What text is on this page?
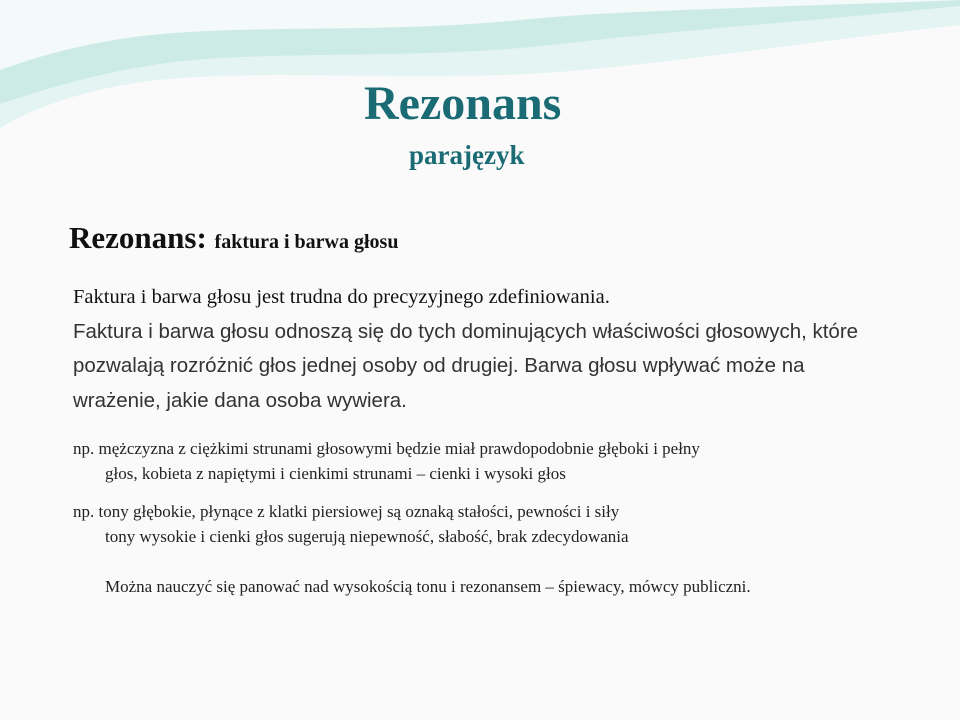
Rezonans
parajęzyk
Rezonans: faktura i barwa głosu

Faktura i barwa głosu jest trudna do precyzyjnego zdefiniowania.
Faktura i barwa głosu odnoszą się do tych dominujących właściwości głosowych, które pozwalają rozróżnić głos jednej osoby od drugiej. Barwa głosu wpływać może na wrażenie, jakie dana osoba wywiera.

np. mężczyzna z ciężkimi strunami głosowymi będzie miał prawdopodobnie głęboki i pełny
głos, kobieta z napiętymi i cienkimi strunami – cienki i wysoki głos

np. tony głębokie, płynące z klatki piersiowej są oznaką stałości, pewności i siły
tony wysokie i cienki głos sugerują niepewność, słabość, brak zdecydowania

Można nauczyć się panować nad wysokością tonu i rezonansem – śpiewacy, mówcy publiczni.
